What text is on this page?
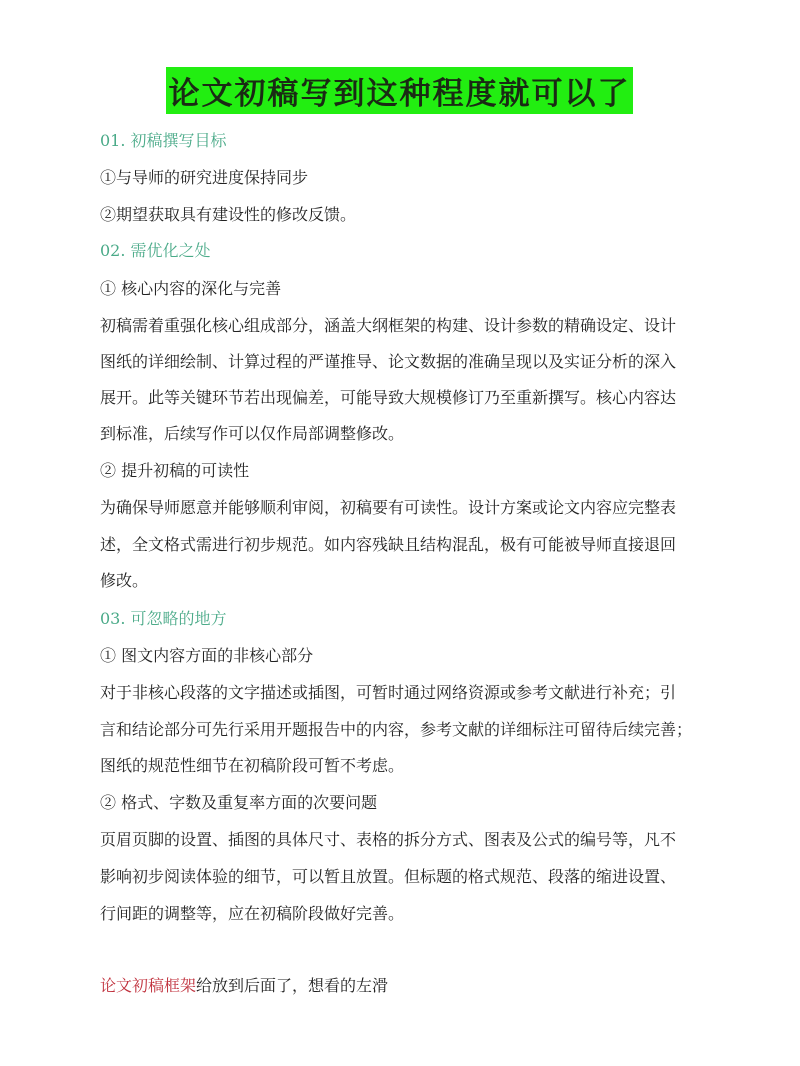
论文初稿写到这种程度就可以了
01. 初稿撰写目标
①与导师的研究进度保持同步
②期望获取具有建设性的修改反馈。
02. 需优化之处
① 核心内容的深化与完善
初稿需着重强化核心组成部分，涵盖大纲框架的构建、设计参数的精确设定、设计
图纸的详细绘制、计算过程的严谨推导、论文数据的准确呈现以及实证分析的深入
展开。此等关键环节若出现偏差，可能导致大规模修订乃至重新撰写。核心内容达
到标准，后续写作可以仅作局部调整修改。
② 提升初稿的可读性
为确保导师愿意并能够顺利审阅，初稿要有可读性。设计方案或论文内容应完整表
述，全文格式需进行初步规范。如内容残缺且结构混乱，极有可能被导师直接退回
修改。
03. 可忽略的地方
① 图文内容方面的非核心部分
对于非核心段落的文字描述或插图，可暂时通过网络资源或参考文献进行补充；引
言和结论部分可先行采用开题报告中的内容，参考文献的详细标注可留待后续完善；
图纸的规范性细节在初稿阶段可暂不考虑。
② 格式、字数及重复率方面的次要问题
页眉页脚的设置、插图的具体尺寸、表格的拆分方式、图表及公式的编号等，凡不
影响初步阅读体验的细节，可以暂且放置。但标题的格式规范、段落的缩进设置、
行间距的调整等，应在初稿阶段做好完善。
论文初稿框架给放到后面了，想看的左滑
